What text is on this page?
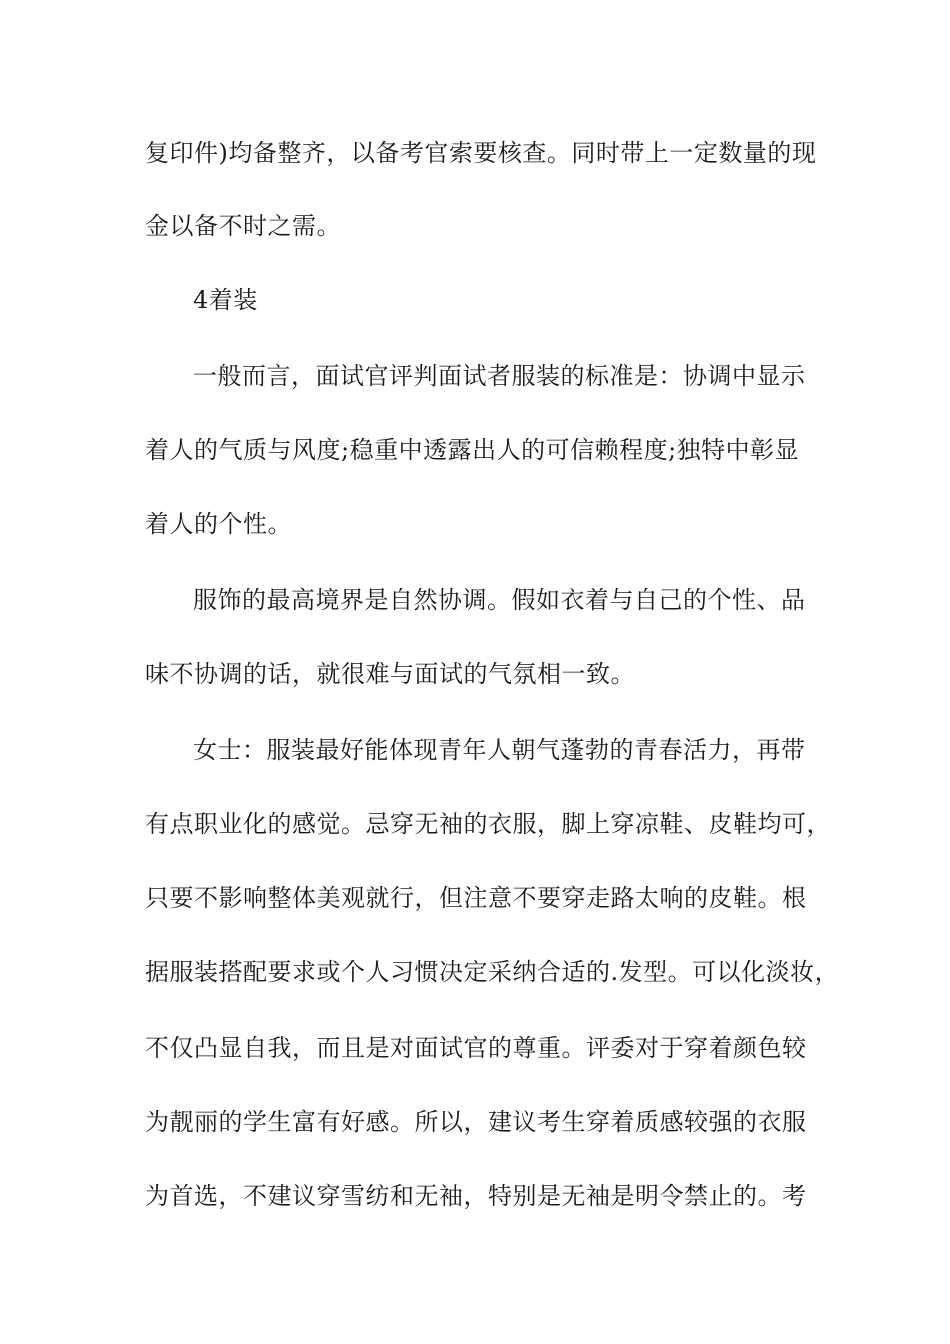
复印件)均备整齐，以备考官索要核查。同时带上一定数量的现
金以备不时之需。
4着装
一般而言，面试官评判面试者服装的标准是：协调中显示
着人的气质与风度;稳重中透露出人的可信赖程度;独特中彰显
着人的个性。
服饰的最高境界是自然协调。假如衣着与自己的个性、品
味不协调的话，就很难与面试的气氛相一致。
女士：服装最好能体现青年人朝气蓬勃的青春活力，再带
有点职业化的感觉。忌穿无袖的衣服，脚上穿凉鞋、皮鞋均可，
只要不影响整体美观就行，但注意不要穿走路太响的皮鞋。根
据服装搭配要求或个人习惯决定采纳合适的.发型。可以化淡妆，
不仅凸显自我，而且是对面试官的尊重。评委对于穿着颜色较
为靓丽的学生富有好感。所以，建议考生穿着质感较强的衣服
为首选，不建议穿雪纺和无袖，特别是无袖是明令禁止的。考
